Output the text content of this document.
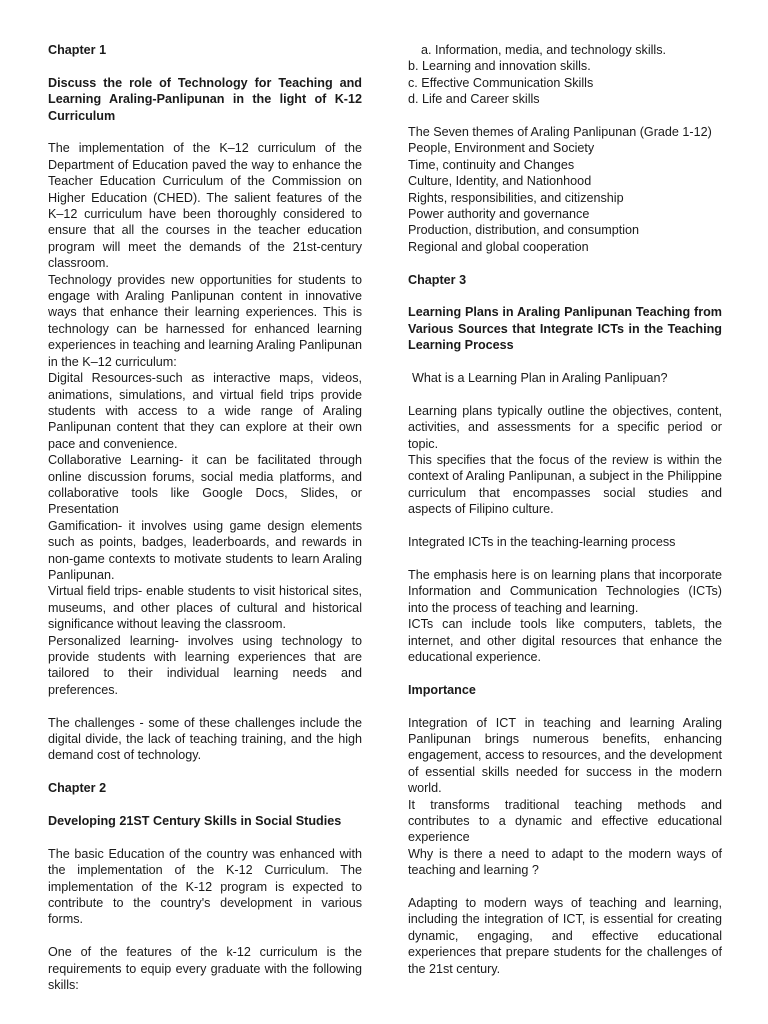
Chapter 1

Discuss the role of Technology for Teaching and Learning Araling-Panlipunan in the light of K-12 Curriculum

The implementation of the K–12 curriculum of the Department of Education paved the way to enhance the Teacher Education Curriculum of the Commission on Higher Education (CHED). The salient features of the K–12 curriculum have been thoroughly considered to ensure that all the courses in the teacher education program will meet the demands of the 21st-century classroom.

Technology provides new opportunities for students to engage with Araling Panlipunan content in innovative ways that enhance their learning experiences. This is technology can be harnessed for enhanced learning experiences in teaching and learning Araling Panlipunan in the K–12 curriculum:

Digital Resources-such as interactive maps, videos, animations, simulations, and virtual field trips provide students with access to a wide range of Araling Panlipunan content that they can explore at their own pace and convenience.

Collaborative Learning- it can be facilitated through online discussion forums, social media platforms, and collaborative tools like Google Docs, Slides, or Presentation

Gamification- it involves using game design elements such as points, badges, leaderboards, and rewards in non-game contexts to motivate students to learn Araling Panlipunan.

Virtual field trips- enable students to visit historical sites, museums, and other places of cultural and historical significance without leaving the classroom.

Personalized learning- involves using technology to provide students with learning experiences that are tailored to their individual learning needs and preferences.

The challenges - some of these challenges include the digital divide, the lack of teaching training, and the high demand cost of technology.

Chapter 2

Developing 21ST Century Skills in Social Studies

The basic Education of the country was enhanced with the implementation of the K-12 Curriculum. The implementation of the K-12 program is expected to contribute to the country's development in various forms.

One of the features of the k-12 curriculum is the requirements to equip every graduate with the following skills:

a. Information, media, and technology skills.

b. Learning and innovation skills.

c. Effective Communication Skills

d. Life and Career skills

The Seven themes of Araling Panlipunan (Grade 1-12)

People, Environment and Society

Time, continuity and Changes

Culture, Identity, and Nationhood

Rights, responsibilities, and citizenship

Power authority and governance

Production, distribution, and consumption

Regional and global cooperation

Chapter 3

Learning Plans in Araling Panlipunan Teaching from Various Sources that Integrate ICTs in the Teaching Learning Process

What is a Learning Plan in Araling Panlipuan?

Learning plans typically outline the objectives, content, activities, and assessments for a specific period or topic.

This specifies that the focus of the review is within the context of Araling Panlipunan, a subject in the Philippine curriculum that encompasses social studies and aspects of Filipino culture.

Integrated ICTs in the teaching-learning process

The emphasis here is on learning plans that incorporate Information and Communication Technologies (ICTs) into the process of teaching and learning.

ICTs can include tools like computers, tablets, the internet, and other digital resources that enhance the educational experience.

Importance

Integration of ICT in teaching and learning Araling Panlipunan brings numerous benefits, enhancing engagement, access to resources, and the development of essential skills needed for success in the modern world.

It transforms traditional teaching methods and contributes to a dynamic and effective educational experience

Why is there a need to adapt to the modern ways of teaching and learning ?

Adapting to modern ways of teaching and learning, including the integration of ICT, is essential for creating dynamic, engaging, and effective educational experiences that prepare students for the challenges of the 21st century.
